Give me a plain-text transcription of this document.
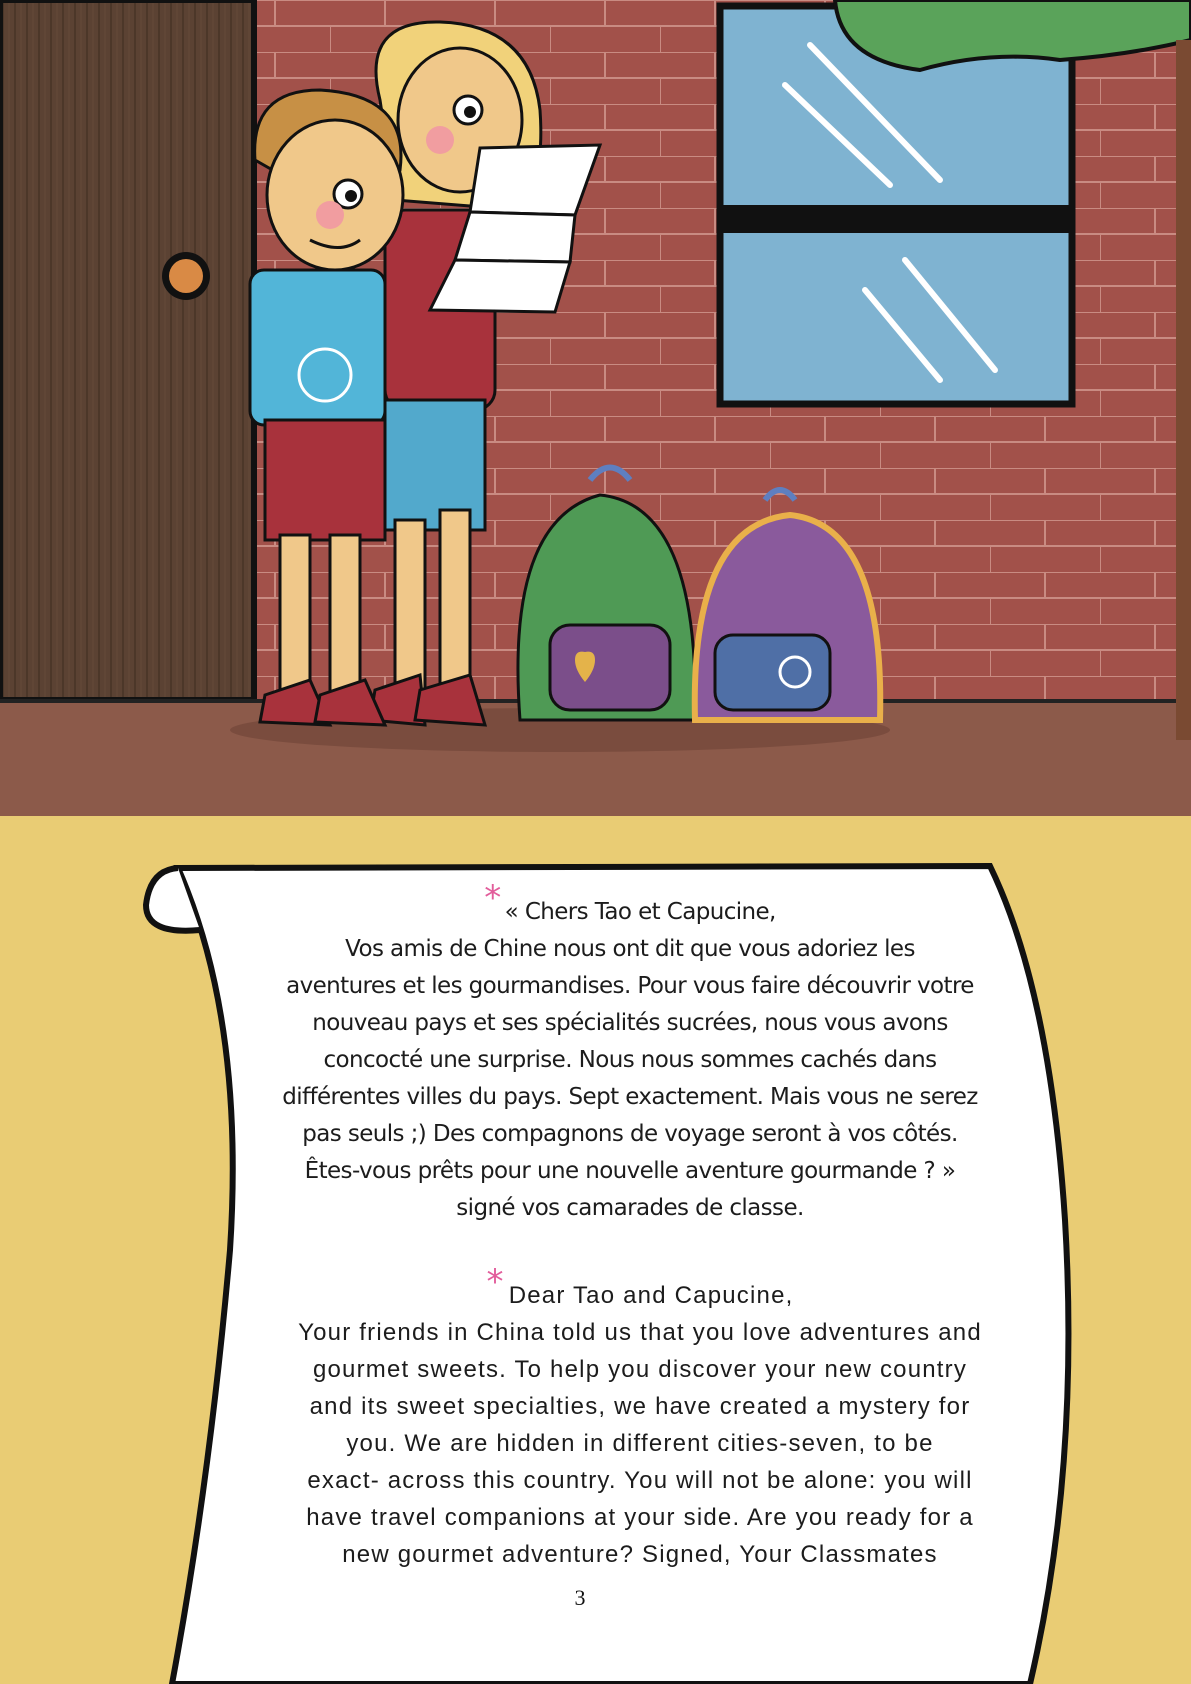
* « Chers Tao et Capucine,
Vos amis de Chine nous ont dit que vous adoriez les
aventures et les gourmandises. Pour vous faire découvrir votre
nouveau pays et ses spécialités sucrées, nous vous avons
concocté une surprise. Nous nous sommes cachés dans
différentes villes du pays. Sept exactement. Mais vous ne serez
pas seuls ;) Des compagnons de voyage seront à vos côtés.
Êtes-vous prêts pour une nouvelle aventure gourmande ? »
signé vos camarades de classe.
* Dear Tao and Capucine,
Your friends in China told us that you love adventures and
gourmet sweets. To help you discover your new country
and its sweet specialties, we have created a mystery for
you. We are hidden in different cities-seven, to be
exact- across this country. You will not be alone: you will
have travel companions at your side. Are you ready for a
new gourmet adventure? Signed, Your Classmates
3
